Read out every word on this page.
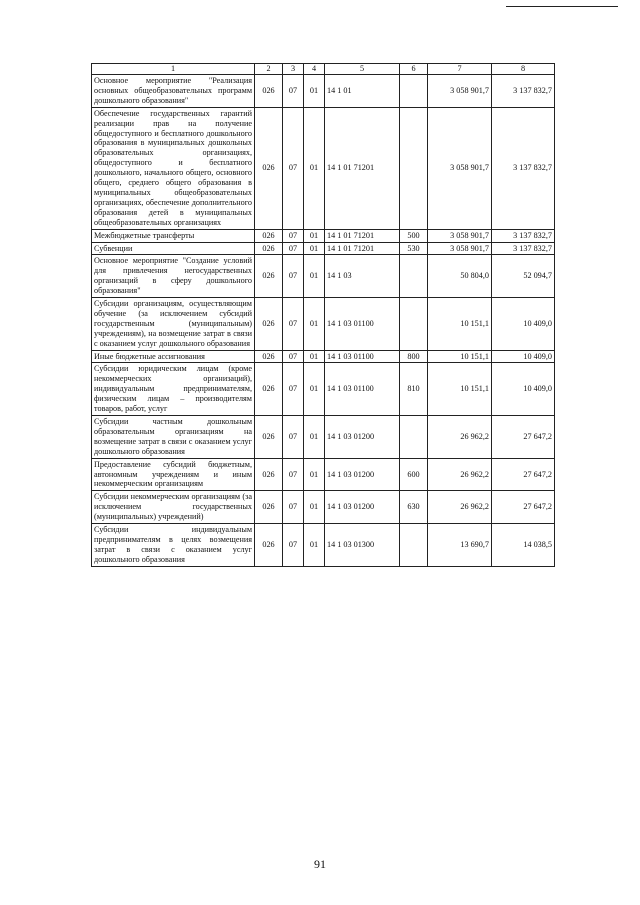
1	2	3	4	5	6	7	8
Основное мероприятие "Реализация основных общеобразовательных программ дошкольного образования"	026	07	01	14 1 01		3 058 901,7	3 137 832,7
Обеспечение государственных гарантий реализации прав на получение общедоступного и бесплатного дошкольного образования в муниципальных дошкольных образовательных организациях, общедоступного и бесплатного дошкольного, начального общего, основного общего, среднего общего образования в муниципальных общеобразовательных организациях, обеспечение дополнительного образования детей в муниципальных общеобразовательных организациях	026	07	01	14 1 01 71201		3 058 901,7	3 137 832,7
Межбюджетные трансферты	026	07	01	14 1 01 71201	500	3 058 901,7	3 137 832,7
Субвенции	026	07	01	14 1 01 71201	530	3 058 901,7	3 137 832,7
Основное мероприятие "Создание условий для привлечения негосударственных организаций в сферу дошкольного образования"	026	07	01	14 1 03		50 804,0	52 094,7
Субсидии организациям, осуществляющим обучение (за исключением субсидий государственным (муниципальным) учреждениям), на возмещение затрат в связи с оказанием услуг дошкольного образования	026	07	01	14 1 03 01100		10 151,1	10 409,0
Иные бюджетные ассигнования	026	07	01	14 1 03 01100	800	10 151,1	10 409,0
Субсидии юридическим лицам (кроме некоммерческих организаций), индивидуальным предпринимателям, физическим лицам – производителям товаров, работ, услуг	026	07	01	14 1 03 01100	810	10 151,1	10 409,0
Субсидии частным дошкольным образовательным организациям на возмещение затрат в связи с оказанием услуг дошкольного образования	026	07	01	14 1 03 01200		26 962,2	27 647,2
Предоставление субсидий бюджетным, автономным учреждениям и иным некоммерческим организациям	026	07	01	14 1 03 01200	600	26 962,2	27 647,2
Субсидии некоммерческим организациям (за исключением государственных (муниципальных) учреждений)	026	07	01	14 1 03 01200	630	26 962,2	27 647,2
Субсидии индивидуальным предпринимателям в целях возмещения затрат в связи с оказанием услуг дошкольного образования	026	07	01	14 1 03 01300		13 690,7	14 038,5
91
